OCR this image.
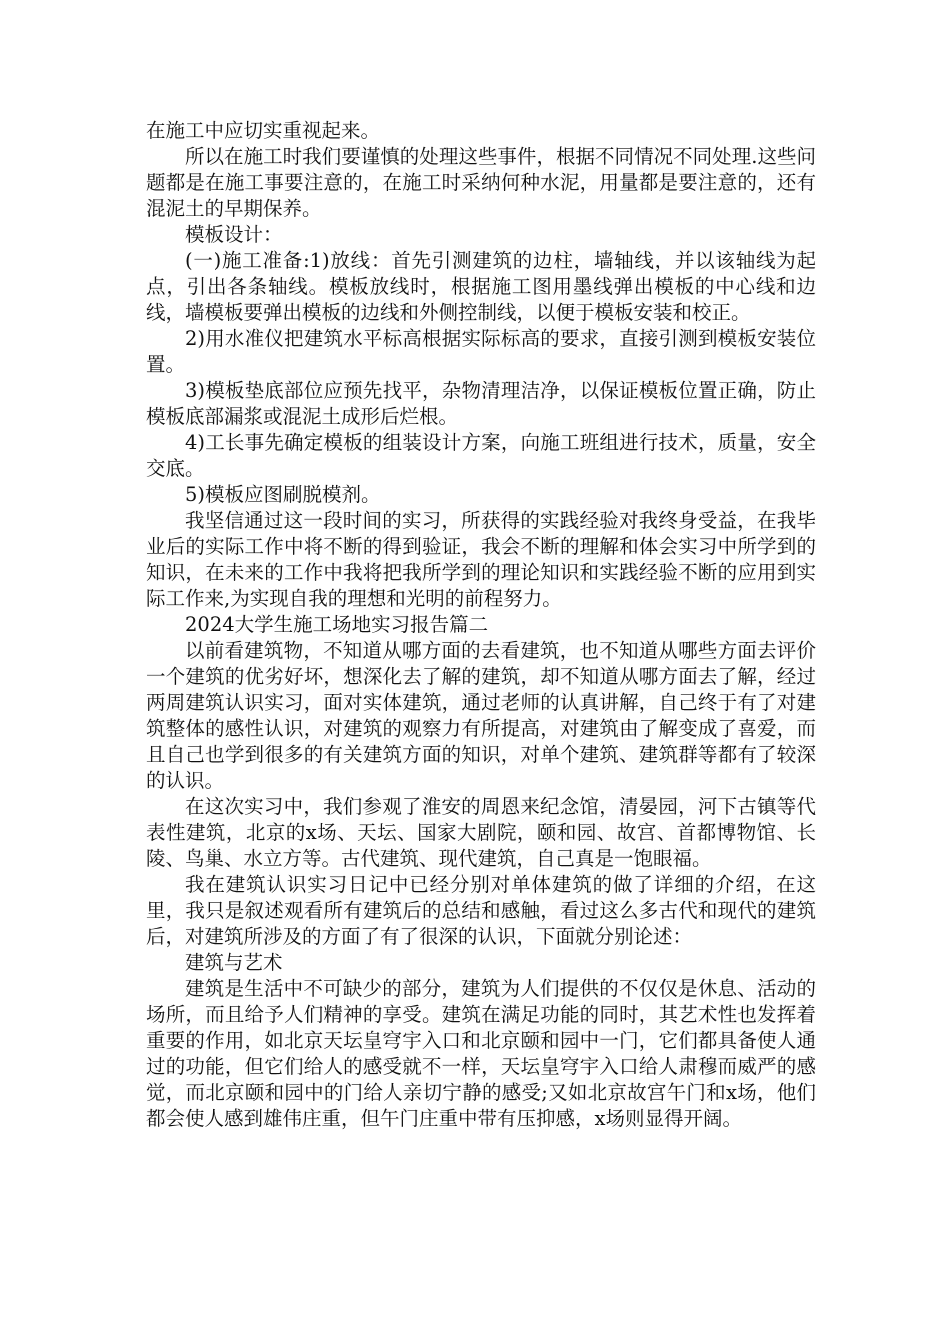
在施工中应切实重视起来。

所以在施工时我们要谨慎的处理这些事件，根据不同情况不同处理.这些问题都是在施工事要注意的，在施工时采纳何种水泥，用量都是要注意的，还有混泥土的早期保养。

模板设计：

(一)施工准备:1)放线：首先引测建筑的边柱，墙轴线，并以该轴线为起点，引出各条轴线。模板放线时，根据施工图用墨线弹出模板的中心线和边线，墙模板要弹出模板的边线和外侧控制线，以便于模板安装和校正。

2)用水准仪把建筑水平标高根据实际标高的要求，直接引测到模板安装位置。

3)模板垫底部位应预先找平，杂物清理洁净，以保证模板位置正确，防止模板底部漏浆或混泥土成形后烂根。

4)工长事先确定模板的组装设计方案，向施工班组进行技术，质量，安全交底。

5)模板应图刷脱模剂。

我坚信通过这一段时间的实习，所获得的实践经验对我终身受益，在我毕业后的实际工作中将不断的得到验证，我会不断的理解和体会实习中所学到的知识，在未来的工作中我将把我所学到的理论知识和实践经验不断的应用到实际工作来,为实现自我的理想和光明的前程努力。

2024大学生施工场地实习报告篇二

以前看建筑物，不知道从哪方面的去看建筑，也不知道从哪些方面去评价一个建筑的优劣好坏，想深化去了解的建筑，却不知道从哪方面去了解，经过两周建筑认识实习，面对实体建筑，通过老师的认真讲解，自己终于有了对建筑整体的感性认识，对建筑的观察力有所提高，对建筑由了解变成了喜爱，而且自己也学到很多的有关建筑方面的知识，对单个建筑、建筑群等都有了较深的认识。

在这次实习中，我们参观了淮安的周恩来纪念馆，清晏园，河下古镇等代表性建筑，北京的x场、天坛、国家大剧院，颐和园、故宫、首都博物馆、长陵、鸟巢、水立方等。古代建筑、现代建筑，自己真是一饱眼福。

我在建筑认识实习日记中已经分别对单体建筑的做了详细的介绍，在这里，我只是叙述观看所有建筑后的总结和感触，看过这么多古代和现代的建筑后，对建筑所涉及的方面了有了很深的认识，下面就分别论述：

建筑与艺术

建筑是生活中不可缺少的部分，建筑为人们提供的不仅仅是休息、活动的场所，而且给予人们精神的享受。建筑在满足功能的同时，其艺术性也发挥着重要的作用，如北京天坛皇穹宇入口和北京颐和园中一门，它们都具备使人通过的功能，但它们给人的感受就不一样，天坛皇穹宇入口给人肃穆而威严的感觉，而北京颐和园中的门给人亲切宁静的感受;又如北京故宫午门和x场，他们都会使人感到雄伟庄重，但午门庄重中带有压抑感，x场则显得开阔。
